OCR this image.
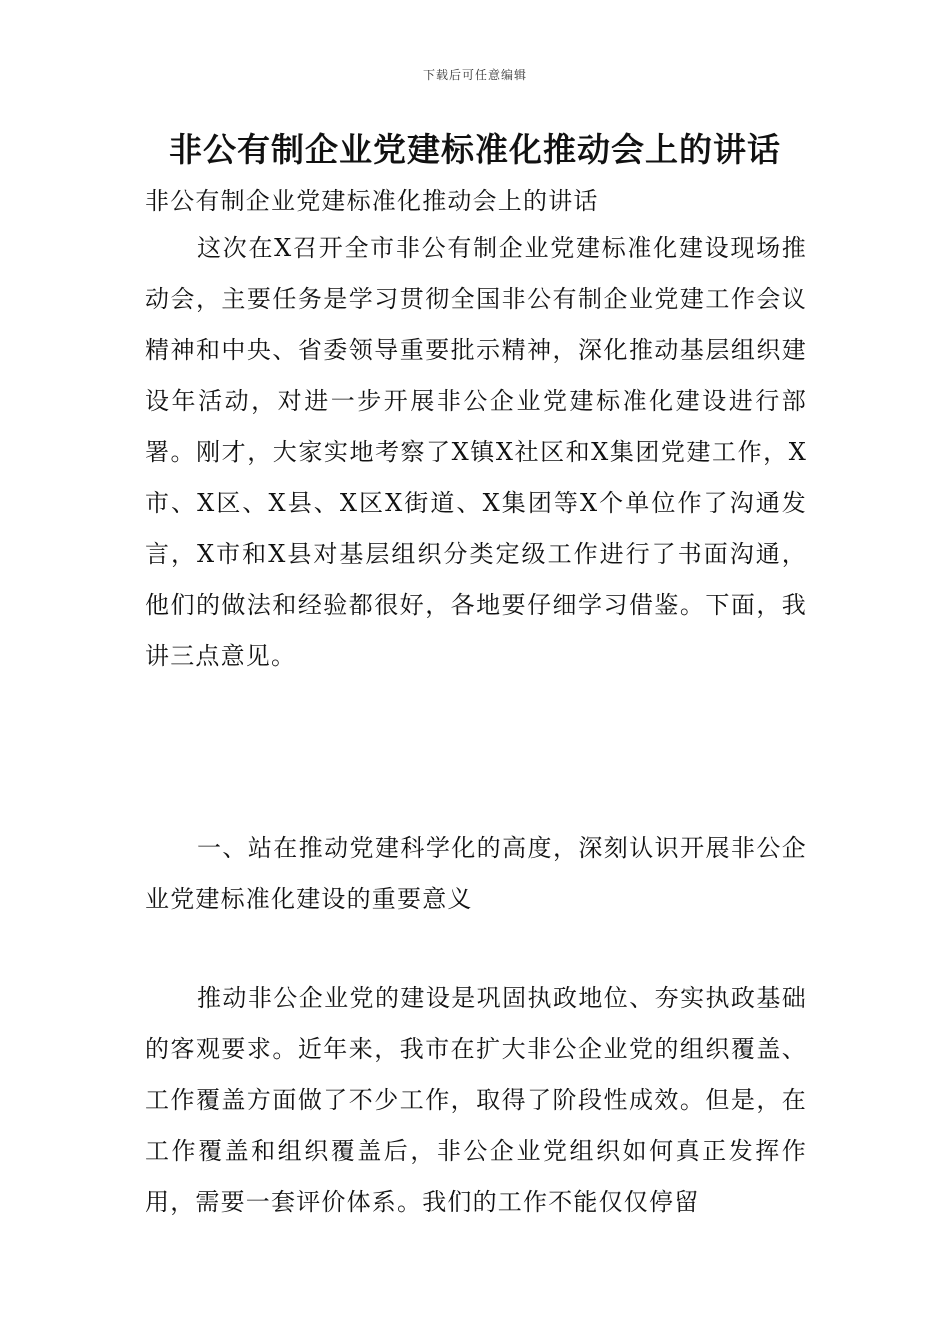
下载后可任意编辑
非公有制企业党建标准化推动会上的讲话

非公有制企业党建标准化推动会上的讲话

这次在X召开全市非公有制企业党建标准化建设现场推动会，主要任务是学习贯彻全国非公有制企业党建工作会议精神和中央、省委领导重要批示精神，深化推动基层组织建设年活动，对进一步开展非公企业党建标准化建设进行部署。刚才，大家实地考察了X镇X社区和X集团党建工作，X市、X区、X县、X区X街道、X集团等X个单位作了沟通发言，X市和X县对基层组织分类定级工作进行了书面沟通，他们的做法和经验都很好，各地要仔细学习借鉴。下面，我讲三点意见。

一、站在推动党建科学化的高度，深刻认识开展非公企业党建标准化建设的重要意义

推动非公企业党的建设是巩固执政地位、夯实执政基础的客观要求。近年来，我市在扩大非公企业党的组织覆盖、工作覆盖方面做了不少工作，取得了阶段性成效。但是，在工作覆盖和组织覆盖后，非公企业党组织如何真正发挥作用，需要一套评价体系。我们的工作不能仅仅停留
